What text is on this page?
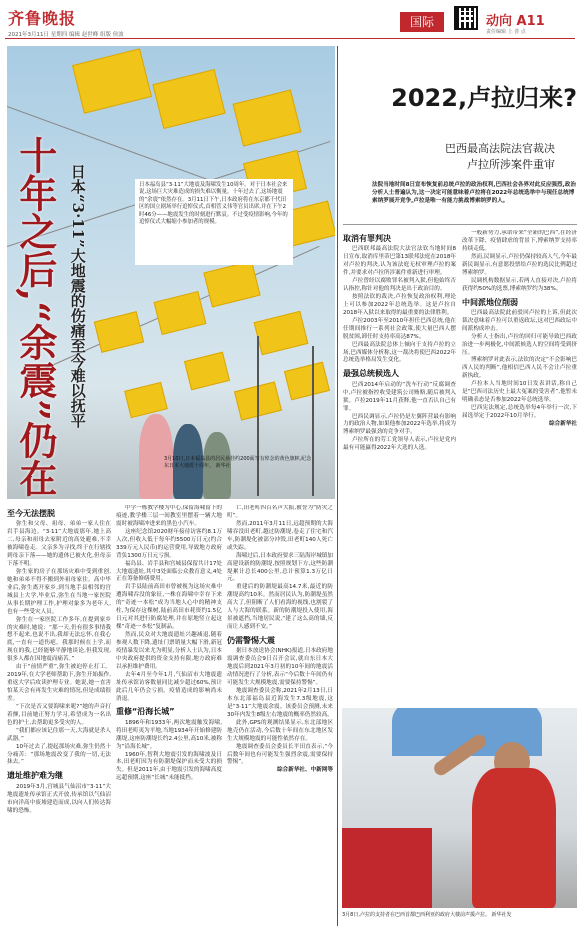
齐鲁晚报
2021年3月11日 星期四 编辑 赵世峰 组版 侯波
国际	动向 A11
责任编辑 上 善 点
十年之后,“余震”仍在 日本“3·11”大地震的伤痛至今难以抚平	日本福岛县“3·11”大地震及海啸发生10周年。对于日本社会来说,这场巨大灾难造成的损失难以衡量。十年过去了,这场地震的“余震”依然存在。3月11日下午,日本政府将在东京都千代田区的国立剧场举行追悼仪式,首相菅义伟等官员出席,并在下午2时46分——地震发生的时刻进行默哀。不过受疫情影响,今年的追悼仪式大幅缩小参加者的规模。
3月10日,日本福岛县的居民悬挂约200面写有悼念的黄色旗帜,纪念东日本大地震十周年。 新华社
至今无法摆脱

弥生和父母、祖母、弟弟一家人住在岩手县海边。“3·11”大地震那年,她上高二,母亲和祖母去家附近的高处避难,不幸被海啸卷走。父亲多为寻找,终于在行辖找到母亲下落——她的遗体已被火化,但母亲下落不明。

弥生家的房子在那场灾难中受到重创,她和弟弟不得不搬到外祖母家住。高中毕业后,弥生离开家乡,到当地手县相邻的宫城县上大学,毕业后,弥生在当地一家医院从事长期护理工作,护理对象多为老年人,也有一些受灾人员。

弥生在一家医院工作多年,在提到家乡的灾难时,她说：“那一天,仍有很多事情我想不起来,也说不出,我却无法忘怀,在我心底,一直有一道伤疤。我那时候在上学,而现在的我,已经能够平静地谈论,但我发现,很多人都在因地震而痛苦。”

由于“前情严重”,弥生被迫停止打工。2019年,在大学老师帮助下,弥生开始振作,重返大学后攻读护理专业。她说,她一直害怕某天会有再发生灾难的情况,但是成绩很差。

“下次是否又要海啸来呢?”她的声音打着颤,目前她正努力学习,希望成为一名出色的护士,去帮助更多受灾的人。

“我们都应该记住那一天,大海就是杀人武器。”

10年过去了,提起那场灾难,弥生仍然十分痛苦：“那场地震改变了我的一切,无法抹去。”

遗址维护难为继

2019年3月,宫城县气仙沼市“3·11”大地震遗址传承馆正式开放,传承馆以气仙沼市向洋高中废墟建造而成,以向人们传达海啸的恐怖。

中学一栋教学楼为中心,保留海啸留下的痕迹,教学楼三层一间教室里摆着一辆大地震时被海啸冲进来的黑色小汽车。

这座纪念馆2020财年接待访客约8.1万人次,但收入低于每年约5500万日元(约合339万元人民币)的运营费用,导致地方政府背负1300万日元亏损。

福岛县、岩手县和宫城县保留共计17处大地震遗址,其中3处面临公众教育意义,4处正在筹备修缮费用。

岩手县陆前高田市曾被视为这场灾难中遭海啸吞没的象征,一株在海啸中幸存下来的“奇迹一本松”成为当地人心中的精神支柱,为保存这棵树,陆前高田市耗资约1.5亿日元对其进行防腐处理,并在原地竖立起这棵“奇迹一本松”复制品。

然而,民众对大地震遗址兴趣减退,随着参观人数下降,遗址门票销量大幅下滑,新冠疫情暴发以来尤为明显,分析人士认为,日本中央政府提供的资金支持有限,地方政府难以承担维护费用。

去年4月至今年1月,气仙沼市大地震遗址传承馆访客数量同比减少超过60%,预计此后几年仍会亏损。疫情造成的影响尚未消退。

重修“沿海长城”

1896年和1933年,两次地震触发海啸,将田老町夷为平地,当地1934年开始修建防潮堤,这座防潮堤长约2.4公里,高10米,被称为“沿海长城”。

1960年,智利大地震引发的海啸波及日本,田老町因为有防潮堤保护而未受大的损失。但是2011年,由于地震引发的海啸高度远超预期,这座“长城”未能抵挡。

亡,田老町四百名声大振,被誉为“防灾之町”。

然而,2011年3月11日,远超预期的大海啸吞没田老町,越过防潮堤,卷走了住宅和汽车,防潮堤化被部分冲毁,田老町140人死亡或失踪。

海啸过后,日本政府要求三陆海岸城镇加高建设新的防潮堤,按照规划下方,这些防潮堤累计总长400公里,总计预算1.3万亿日元。

重建后的防潮堤最高14.7米,最近的防潮堤高约10米。然而居民认为,防潮堤虽然高大了,但阻断了人们看海的视线,也割裂了人与大海的联系。新的防潮堤投入使用,海景被遮挡,当地居民说,“建了这么高的墙,反而让人感到不安。”

仍需警惕大震

据日本放送协会(NHK)报道,日本政府地震调查委员会9日召开会议,就自东日本大地震后到2021年3月初的10年间的地震活动情况进行了分析,表示“今后数十年间仍有可能发生大规模地震,需要保持警惕”。

地震调查委员会称,2021年2月13日,日本东北部福岛县近海发生7.3级地震,这是“3·11”大地震余震。该委员会预测,未来30年内发生8级左右地震的概率仍然较高。

此外,GPS的观测结果显示,东北部地区地壳仍在活动,今后数十年间在东北地区发生大规模地震的可能性依然存在。

地震调查委员会委员长平田直表示,“今后数年间也有可能发生强烈余震,需要保持警惕”。

综合新华社、中新网等

2022,卢拉归来?
巴西最高法院法官裁决
卢拉所涉案件重审
法院当地时间8日宣布恢复前总统卢拉的政治权利,巴西社会各界对此反应强烈,政治分析人士普遍认为,这一决定可能意味着卢拉将在2022年总统选举中与现任总统博索纳罗展开竞争,卢拉是唯一有能力挑战博索纳罗的人。
取消有罪判决

巴西联邦最高法院大法官法钦当地时间8日宣布,取消库里蒂巴第13联邦法庭在2018年对卢拉的判决,认为该法庭无权审理卢拉的案件,并要求对卢拉所涉案件重新进行审理。

卢拉曾经以腐败罪名被判入狱,但他始终否认指控,称针对他的判决是出于政治目的。

按照法钦的裁决,卢拉恢复政治权利,理论上可以参加2022年总统选举。这是卢拉自2018年入狱以来取得的最重要的法律胜利。

卢拉2003年至2010年担任巴西总统,他在任期间推行一系列社会政策,使大量巴西人摆脱贫困,卸任时支持率高达87%。

巴西最高法院总体上倾向于支持卢拉的立场,巴西媒体分析称,这一裁决将使巴西2022年总统选举格局发生变化。

最强总统候选人

巴西2014年启动的“洗车行动”反腐调查中,卢拉被指控收受建筑公司贿赂,随后被判入狱。卢拉2019年11月获释,他一直否认自己有罪。

巴西民调显示,卢拉仍是左翼阵营最有影响力的政治人物,如果他参加2022年选举,将成为博索纳罗最强劲的竞争对手。

卢拉所在的劳工党领导人表示,卢拉是党内最有可能赢得2022年大选的人选。

一般新势力,承诺带来“全新的巴西”,在经济改革下降、疫情肆虐的背景下,博索纳罗支持率持续走低。

然而,民调显示,卢拉仍保持较高人气,今年最新民调显示,有意愿投票给卢拉的选民比例超过博索纳罗。

民调机构数据显示,若两人直接对决,卢拉将获得约50%的选票,博索纳罗约为38%。

中间派地位削弱

巴西最高法院此前驳回卢拉的上诉,但此次裁决意味着卢拉可以重返政坛,这对巴西政坛中间派构成冲击。

分析人士指出,卢拉的回归可能导致巴西政治进一步两极化,中间派候选人的空间将受到挤压。

博索纳罗对此表示,法钦的决定“不会影响巴西人民的判断”,他相信巴西人民不会让卢拉重新执政。

卢拉本人当地时间10日发表讲话,称自己是“巴西司法历史上最大冤案的受害者”,他暂未明确表态是否参加2022年总统选举。

巴西宪法规定,总统选举每4年举行一次,下届选举定于2022年10月举行。

综合新华社

3月8日,卢拉的支持者在巴西首都巴西利亚的政府大楼前声援卢拉。 新华社发
